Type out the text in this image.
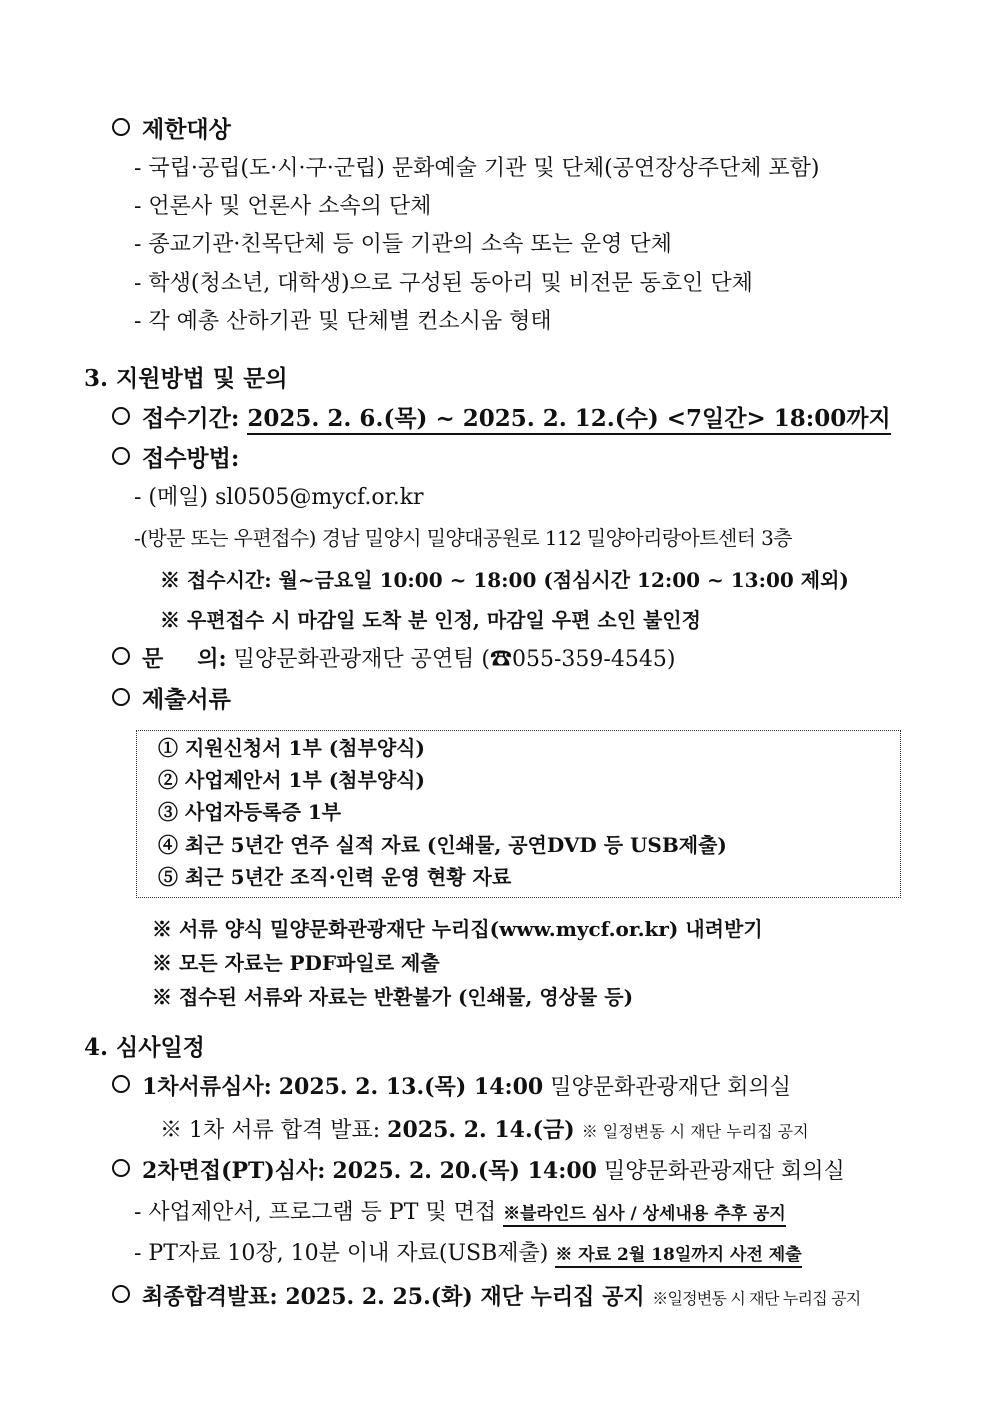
제한대상
- 국립·공립(도·시·구·군립) 문화예술 기관 및 단체(공연장상주단체 포함)
- 언론사 및 언론사 소속의 단체
- 종교기관·친목단체 등 이들 기관의 소속 또는 운영 단체
- 학생(청소년, 대학생)으로 구성된 동아리 및 비전문 동호인 단체
- 각 예총 산하기관 및 단체별 컨소시움 형태
3. 지원방법 및 문의
접수기간: 2025. 2. 6.(목) ~ 2025. 2. 12.(수) <7일간> 18:00까지
접수방법:
- (메일) sl0505@mycf.or.kr
-(방문 또는 우편접수) 경남 밀양시 밀양대공원로 112 밀양아리랑아트센터 3층
※ 접수시간: 월~금요일 10:00 ~ 18:00 (점심시간 12:00 ~ 13:00 제외)
※ 우편접수 시 마감일 도착 분 인정, 마감일 우편 소인 불인정
문 의: 밀양문화관광재단 공연팀 (☎055-359-4545)
제출서류
① 지원신청서 1부 (첨부양식)
② 사업제안서 1부 (첨부양식)
③ 사업자등록증 1부
④ 최근 5년간 연주 실적 자료 (인쇄물, 공연DVD 등 USB제출)
⑤ 최근 5년간 조직·인력 운영 현황 자료
※ 서류 양식 밀양문화관광재단 누리집(www.mycf.or.kr) 내려받기
※ 모든 자료는 PDF파일로 제출
※ 접수된 서류와 자료는 반환불가 (인쇄물, 영상물 등)
4. 심사일정
1차서류심사: 2025. 2. 13.(목) 14:00 밀양문화관광재단 회의실
※ 1차 서류 합격 발표: 2025. 2. 14.(금) ※ 일정변동 시 재단 누리집 공지
2차면접(PT)심사: 2025. 2. 20.(목) 14:00 밀양문화관광재단 회의실
- 사업제안서, 프로그램 등 PT 및 면접 ※블라인드 심사 / 상세내용 추후 공지
- PT자료 10장, 10분 이내 자료(USB제출) ※ 자료 2월 18일까지 사전 제출
최종합격발표: 2025. 2. 25.(화) 재단 누리집 공지 ※일정변동 시 재단 누리집 공지
